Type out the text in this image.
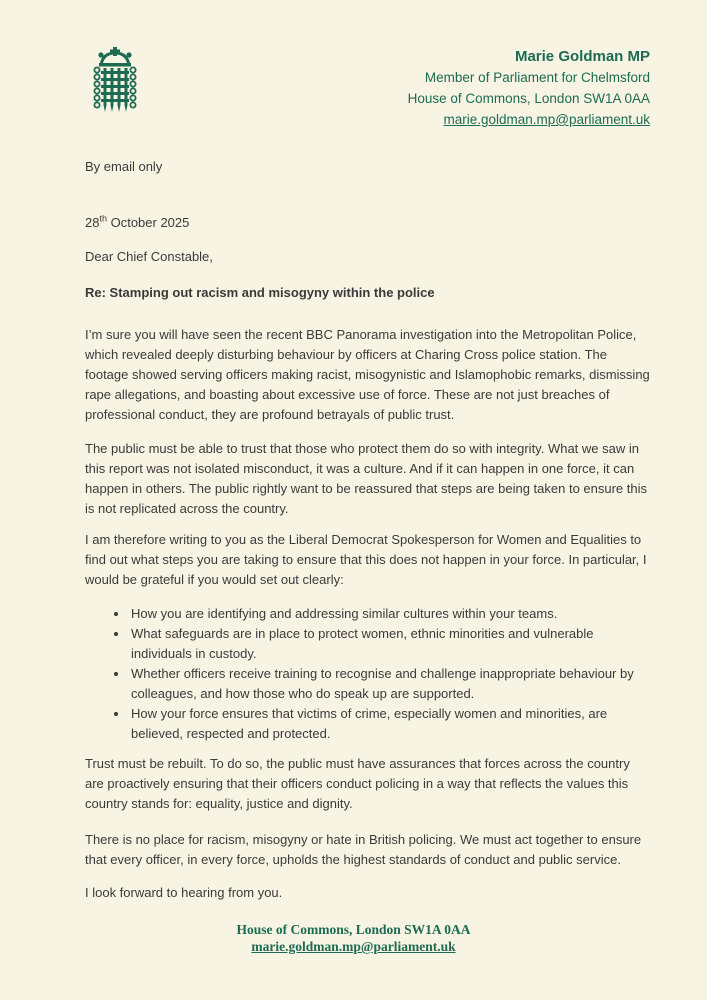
Marie Goldman MP
Member of Parliament for Chelmsford
House of Commons, London SW1A 0AA
marie.goldman.mp@parliament.uk

By email only

28th October 2025

Dear Chief Constable,

Re: Stamping out racism and misogyny within the police

I’m sure you will have seen the recent BBC Panorama investigation into the Metropolitan Police, which revealed deeply disturbing behaviour by officers at Charing Cross police station. The footage showed serving officers making racist, misogynistic and Islamophobic remarks, dismissing rape allegations, and boasting about excessive use of force. These are not just breaches of professional conduct, they are profound betrayals of public trust.

The public must be able to trust that those who protect them do so with integrity. What we saw in this report was not isolated misconduct, it was a culture. And if it can happen in one force, it can happen in others. The public rightly want to be reassured that steps are being taken to ensure this is not replicated across the country.

I am therefore writing to you as the Liberal Democrat Spokesperson for Women and Equalities to find out what steps you are taking to ensure that this does not happen in your force. In particular, I would be grateful if you would set out clearly:

• How you are identifying and addressing similar cultures within your teams.
• What safeguards are in place to protect women, ethnic minorities and vulnerable individuals in custody.
• Whether officers receive training to recognise and challenge inappropriate behaviour by colleagues, and how those who do speak up are supported.
• How your force ensures that victims of crime, especially women and minorities, are believed, respected and protected.

Trust must be rebuilt. To do so, the public must have assurances that forces across the country are proactively ensuring that their officers conduct policing in a way that reflects the values this country stands for: equality, justice and dignity.

There is no place for racism, misogyny or hate in British policing. We must act together to ensure that every officer, in every force, upholds the highest standards of conduct and public service.

I look forward to hearing from you.

House of Commons, London SW1A 0AA
marie.goldman.mp@parliament.uk
